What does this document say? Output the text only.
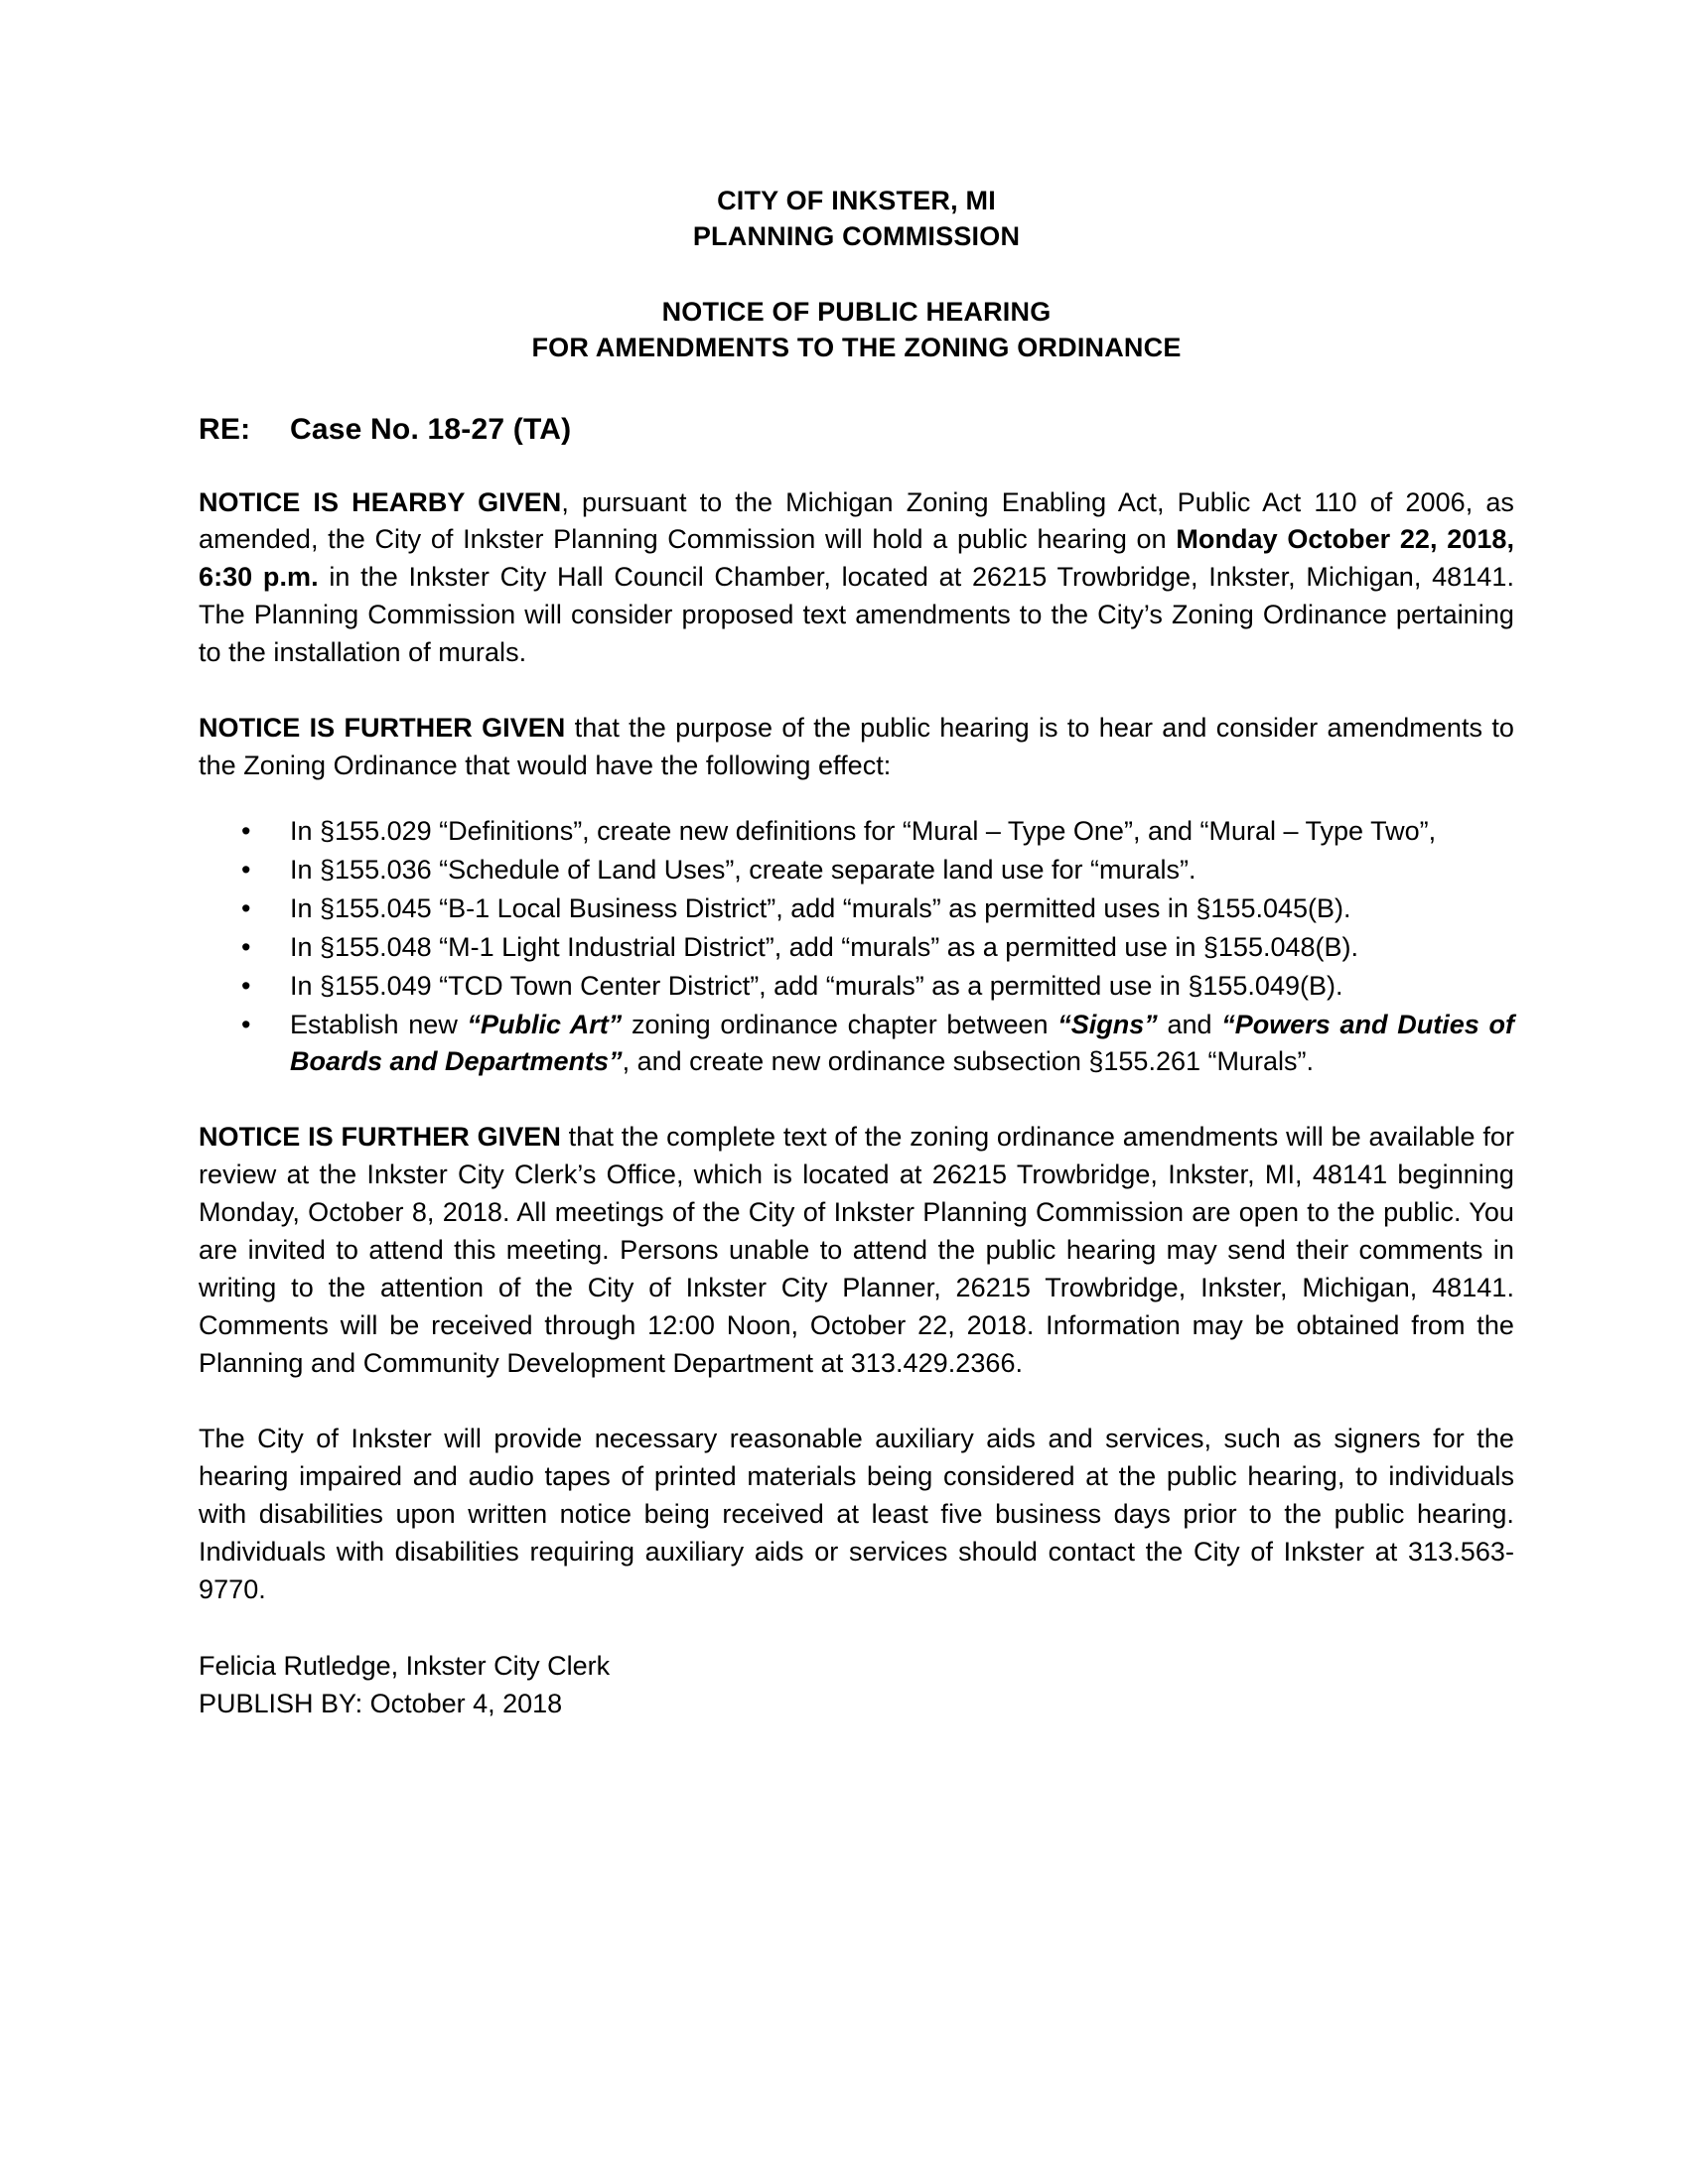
CITY OF INKSTER, MI
PLANNING COMMISSION
NOTICE OF PUBLIC HEARING
FOR AMENDMENTS TO THE ZONING ORDINANCE
RE: Case No. 18-27 (TA)

NOTICE IS HEARBY GIVEN, pursuant to the Michigan Zoning Enabling Act, Public Act 110 of 2006, as amended, the City of Inkster Planning Commission will hold a public hearing on Monday October 22, 2018, 6:30 p.m. in the Inkster City Hall Council Chamber, located at 26215 Trowbridge, Inkster, Michigan, 48141. The Planning Commission will consider proposed text amendments to the City’s Zoning Ordinance pertaining to the installation of murals.

NOTICE IS FURTHER GIVEN that the purpose of the public hearing is to hear and consider amendments to the Zoning Ordinance that would have the following effect:

• In §155.029 “Definitions”, create new definitions for “Mural – Type One”, and “Mural – Type Two”,
• In §155.036 “Schedule of Land Uses”, create separate land use for “murals”.
• In §155.045 “B-1 Local Business District”, add “murals” as permitted uses in §155.045(B).
• In §155.048 “M-1 Light Industrial District”, add “murals” as a permitted use in §155.048(B).
• In §155.049 “TCD Town Center District”, add “murals” as a permitted use in §155.049(B).
• Establish new “Public Art” zoning ordinance chapter between “Signs” and “Powers and Duties of Boards and Departments”, and create new ordinance subsection §155.261 “Murals”.

NOTICE IS FURTHER GIVEN that the complete text of the zoning ordinance amendments will be available for review at the Inkster City Clerk’s Office, which is located at 26215 Trowbridge, Inkster, MI, 48141 beginning Monday, October 8, 2018. All meetings of the City of Inkster Planning Commission are open to the public. You are invited to attend this meeting. Persons unable to attend the public hearing may send their comments in writing to the attention of the City of Inkster City Planner, 26215 Trowbridge, Inkster, Michigan, 48141. Comments will be received through 12:00 Noon, October 22, 2018. Information may be obtained from the Planning and Community Development Department at 313.429.2366.

The City of Inkster will provide necessary reasonable auxiliary aids and services, such as signers for the hearing impaired and audio tapes of printed materials being considered at the public hearing, to individuals with disabilities upon written notice being received at least five business days prior to the public hearing. Individuals with disabilities requiring auxiliary aids or services should contact the City of Inkster at 313.563-9770.

Felicia Rutledge, Inkster City Clerk
PUBLISH BY: October 4, 2018
